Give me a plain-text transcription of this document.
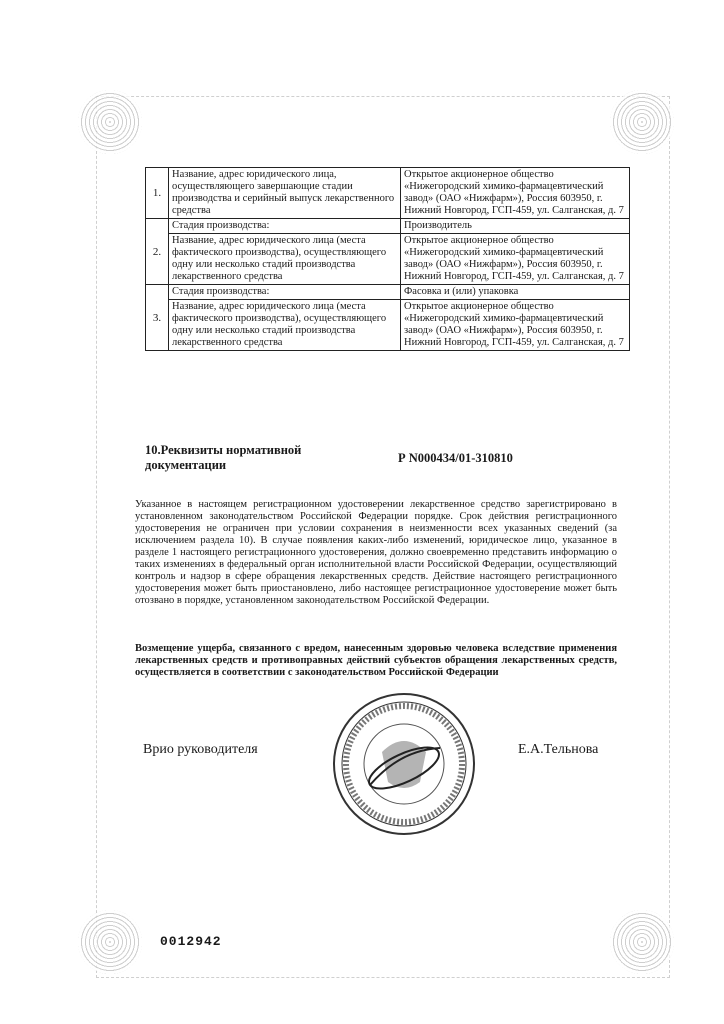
1.	Название, адрес юридического лица, осуществляющего завершающие стадии производства и серийный выпуск лекарственного средства	Открытое акционерное общество «Нижегородский химико-фармацевтический завод» (ОАО «Нижфарм»), Россия 603950, г. Нижний Новгород, ГСП-459, ул. Салганская, д. 7
2.	Стадия производства:	Производитель
	Название, адрес юридического лица (места фактического производства), осуществляющего одну или несколько стадий производства лекарственного средства	Открытое акционерное общество «Нижегородский химико-фармацевтический завод» (ОАО «Нижфарм»), Россия 603950, г. Нижний Новгород, ГСП-459, ул. Салганская, д. 7
3.	Стадия производства:	Фасовка и (или) упаковка
	Название, адрес юридического лица (места фактического производства), осуществляющего одну или несколько стадий производства лекарственного средства	Открытое акционерное общество «Нижегородский химико-фармацевтический завод» (ОАО «Нижфарм»), Россия 603950, г. Нижний Новгород, ГСП-459, ул. Салганская, д. 7
10.Реквизиты нормативной документации	Р N000434/01-310810

Указанное в настоящем регистрационном удостоверении лекарственное средство зарегистрировано в установленном законодательством Российской Федерации порядке. Срок действия регистрационного удостоверения не ограничен при условии сохранения в неизменности всех указанных сведений (за исключением раздела 10). В случае появления каких-либо изменений, юридическое лицо, указанное в разделе 1 настоящего регистрационного удостоверения, должно своевременно представить информацию о таких изменениях в федеральный орган исполнительной власти Российской Федерации, осуществляющий контроль и надзор в сфере обращения лекарственных средств. Действие настоящего регистрационного удостоверения может быть приостановлено, либо настоящее регистрационное удостоверение может быть отозвано в порядке, установленном законодательством Российской Федерации.

Возмещение ущерба, связанного с вредом, нанесенным здоровью человека вследствие применения лекарственных средств и противоправных действий субъектов обращения лекарственных средств, осуществляется в соответствии с законодательством Российской Федерации

Врио руководителя	Е.А.Тельнова
0012942
